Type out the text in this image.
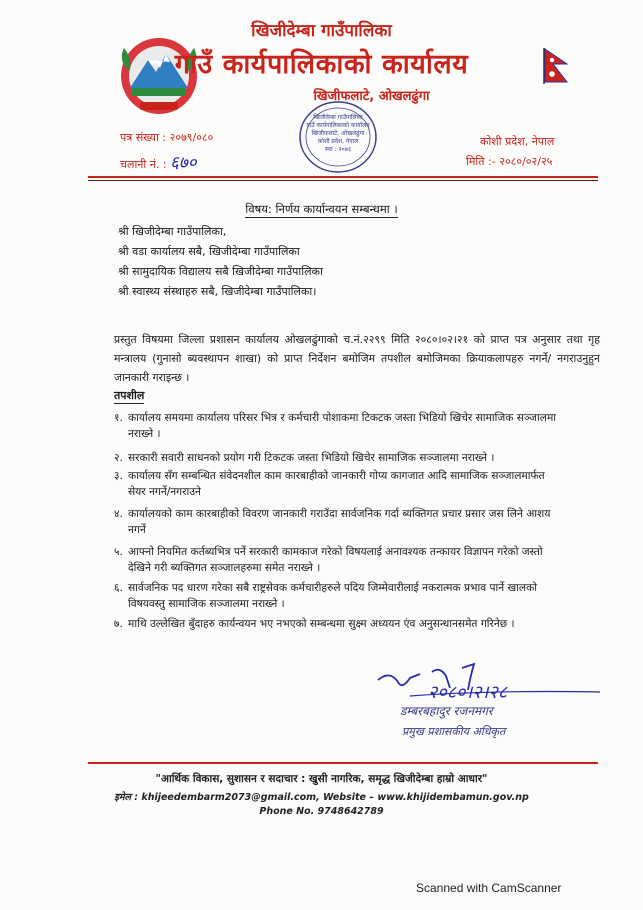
खिजीदेम्बा गाउँपालिका
गाउँ कार्यपालिकाको कार्यालय
खिजीफलाटे, ओखलढुंगा
पत्र संख्या : २०७९/०८०
चलानी नं. : ६७०
कोशी प्रदेश, नेपाल
मिति :- २०८०/०२/२५
खिजीदेम्बा गाउँपालिका
गाउँ कार्यपालिकाको कार्यालय
खिजीफलाटे, ओखलढुंगा
कोशी प्रदेश, नेपाल
स्था : २०७३
विषय: निर्णय कार्यान्वयन सम्बन्धमा ।
श्री खिजीदेम्बा गाउँपालिका,
श्री वडा कार्यालय सबै, खिजीदेम्बा गाउँपालिका
श्री सामुदायिक विद्यालय सबै खिजीदेम्बा गाउँपालिका
श्री स्वास्थ्य संस्थाहरु सबै, खिजीदेम्बा गाउँपालिका।
प्रस्तुत विषयमा जिल्ला प्रशासन कार्यालय ओखलढुंगाको च.नं.२२९९ मिति २०८०।०२।२१ को प्राप्त पत्र अनुसार तथा गृह मन्त्रालय (गुनासो ब्यवस्थापन शाखा) को प्राप्त निर्देशन बमोजिम तपशील बमोजिमका क्रियाकलापहरु नगर्ने/ नगराउनुहुन जानकारी गराइन्छ ।
तपशील
१. कार्यालय समयमा कार्यालय परिसर भित्र र कर्मचारी पोशाकमा टिकटक जस्ता भिडियो खिचेर सामाजिक सञ्जालमा
नराख्ने ।
२. सरकारी सवारी साधनको प्रयोग गरी टिकटक जस्ता भिडियो खिचेर सामाजिक सञ्जालमा नराख्ने ।
३. कार्यालय सँग सम्बन्धित संवेदनशील काम कारबाहीको जानकारी गोप्य कागजात आदि सामाजिक सञ्जालमार्फत
सेयर नगर्ने/नगराउने
४. कार्यालयको काम कारबाहीको विवरण जानकारी गराउँदा सार्वजनिक गर्दा ब्यक्तिगत प्रचार प्रसार जस लिने आशय
नगर्ने
५. आफ्नो नियमित कर्तब्यभित्र पर्ने सरकारी कामकाज गरेको विषयलाई अनावश्यक तन्कायर विज्ञापन गरेको जस्तो
देखिने गरी ब्यक्तिगत सञ्जालहरुमा समेत नराख्ने ।
६. सार्वजनिक पद धारण गरेका सबै राष्ट्रसेवक कर्मचारीहरुले पदिय जिम्मेवारीलाई नकरात्मक प्रभाव पार्ने खालको
विषयवस्तु सामाजिक सञ्जालमा नराख्ने ।
७. माथि उल्लेखित बुँदाहरु कार्यन्वयन भए नभएको सम्बन्धमा सुक्ष्म अध्ययन एंव अनुसन्धानसमेत गरिनेछ ।
२०८०।२।२८
डम्बरबहादुर रजनमगर
प्रमुख प्रशासकीय अधिकृत
"आर्थिक विकास, सुशासन र सदाचार : खुसी नागरिक, समृद्ध खिजीदेम्बा हाम्रो आधार"
इमेल : khijeedembarm2073@gmail.com, Website – www.khijidembamun.gov.np
Phone No. 9748642789
Scanned with CamScanner
